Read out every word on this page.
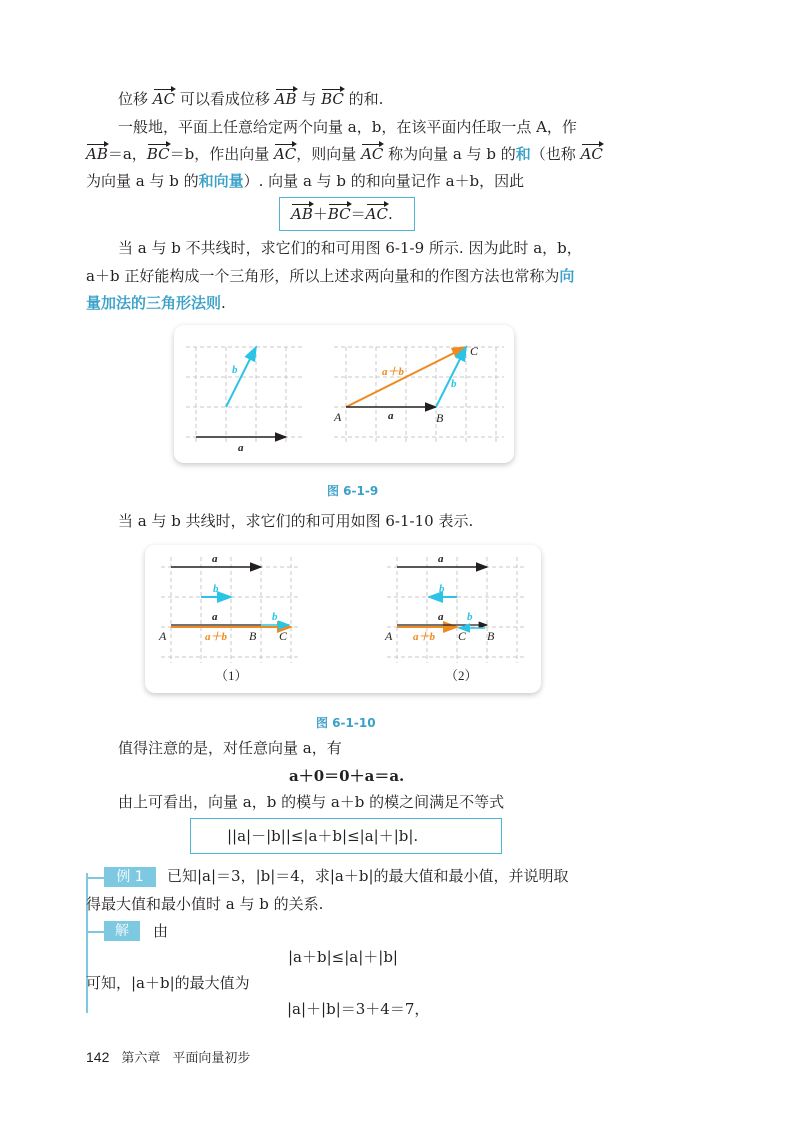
位移 AC 可以看成位移 AB 与 BC 的和.
一般地，平面上任意给定两个向量 a，b，在该平面内任取一点 A，作
AB＝a，BC＝b，作出向量 AC，则向量 AC 称为向量 a 与 b 的和（也称 AC
为向量 a 与 b 的和向量）. 向量 a 与 b 的和向量记作 a＋b，因此
AB＋BC＝AC.
当 a 与 b 不共线时，求它们的和可用图 6-1-9 所示. 因为此时 a，b，
a＋b 正好能构成一个三角形，所以上述求两向量和的作图方法也常称为向
量加法的三角形法则.
b
a
a＋b
a
b
A	B
C
图 6-1-9
当 a 与 b 共线时，求它们的和可用如图 6-1-10 表示.
a
b
a	b
A	a＋b B C
（1）
a
b
a b
A a＋b C B
（2）
图 6-1-10
值得注意的是，对任意向量 a，有
a＋0＝0＋a＝a.
由上可看出，向量 a，b 的模与 a＋b 的模之间满足不等式
||a|－|b||≤|a＋b|≤|a|＋|b|.
例 1	已知|a|＝3，|b|＝4，求|a＋b|的最大值和最小值，并说明取
得最大值和最小值时 a 与 b 的关系.
解	由
|a＋b|≤|a|＋|b|
可知，|a＋b|的最大值为
|a|＋|b|＝3＋4＝7，
142 第六章 平面向量初步
